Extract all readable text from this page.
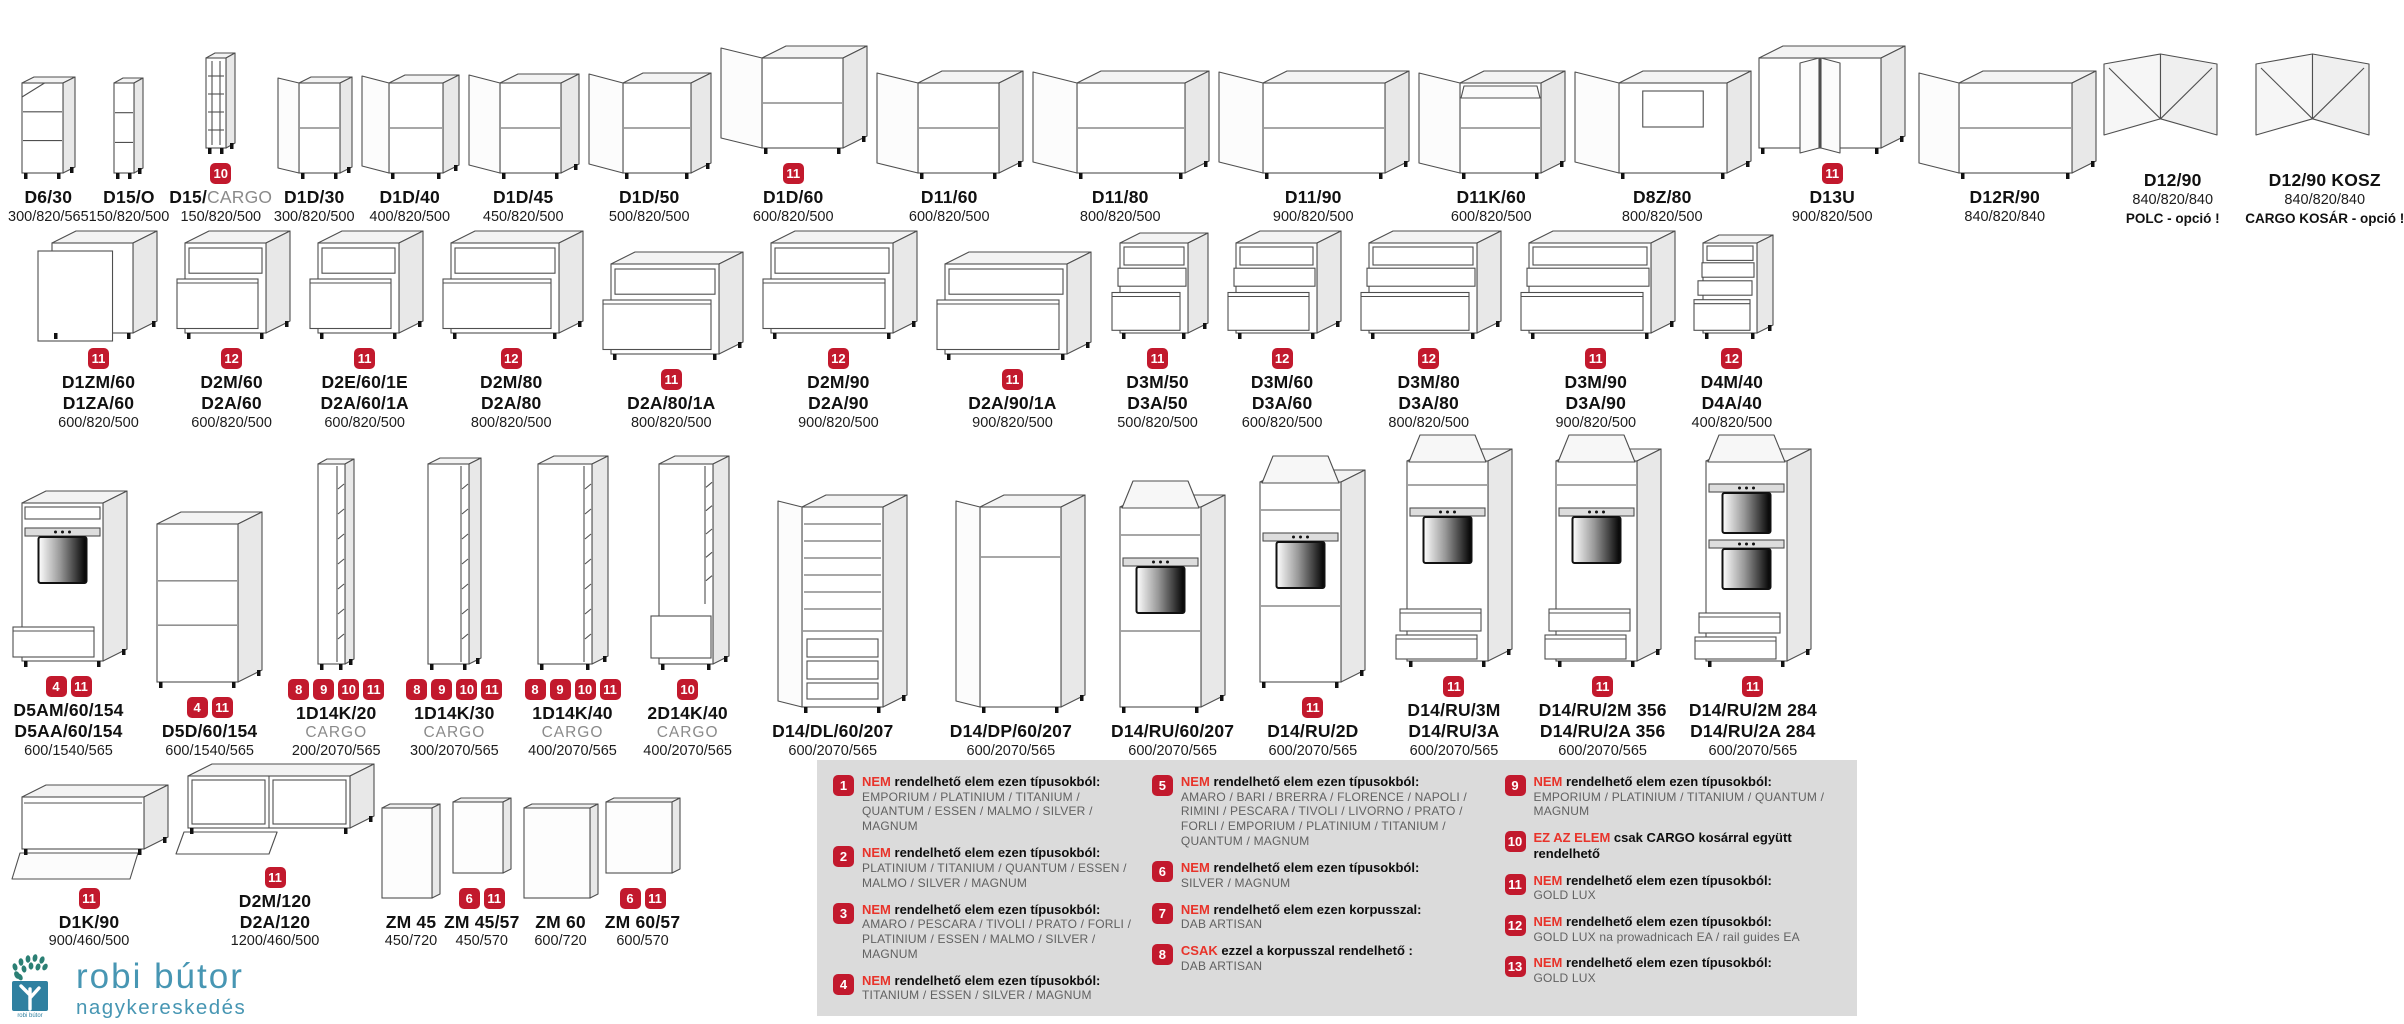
D6/30
300/820/565
D15/O
150/820/500
10
D15/CARGO
150/820/500
D1D/30
300/820/500
D1D/40
400/820/500
D1D/45
450/820/500
D1D/50
500/820/500
11
D1D/60
600/820/500
D11/60
600/820/500
D11/80
800/820/500
D11/90
900/820/500
D11K/60
600/820/500
D8Z/80
800/820/500
11
D13U
900/820/500
D12R/90
840/820/840
D12/90
840/820/840
POLC - opció !
D12/90 KOSZ
840/820/840
CARGO KOSÁR - opció !
11
D1ZM/60
D1ZA/60
600/820/500
12
D2M/60
D2A/60
600/820/500
11
D2E/60/1E
D2A/60/1A
600/820/500
12
D2M/80
D2A/80
800/820/500
11
D2A/80/1A
800/820/500
12
D2M/90
D2A/90
900/820/500
11
D2A/90/1A
900/820/500
11
D3M/50
D3A/50
500/820/500
12
D3M/60
D3A/60
600/820/500
12
D3M/80
D3A/80
800/820/500
11
D3M/90
D3A/90
900/820/500
12
D4M/40
D4A/40
400/820/500
4	11
D5AM/60/154
D5AA/60/154
600/1540/565
4	11
D5D/60/154
600/1540/565
8	9	10 11
1D14K/20
CARGO
200/2070/565
8	9	10 11
1D14K/30
CARGO
300/2070/565
8	9	10 11
1D14K/40
CARGO
400/2070/565
10
2D14K/40
CARGO
400/2070/565
D14/DL/60/207
600/2070/565
D14/DP/60/207
600/2070/565
D14/RU/60/207
600/2070/565
11
D14/RU/2D
600/2070/565
11
D14/RU/3M
D14/RU/3A
600/2070/565
11
D14/RU/2M 356
D14/RU/2A 356
600/2070/565
11
D14/RU/2M 284
D14/RU/2A 284
600/2070/565
11
D1K/90
900/460/500
11
D2M/120
D2A/120
1200/460/500
ZM 45
450/720
6	11
ZM 45/57
450/570
ZM 60
600/720
6	11
ZM 60/57
600/570
robi bútor
robi bútor
nagykereskedés
1	NEM rendelhető elem ezen típusokból:
EMPORIUM / PLATINIUM / TITANIUM / QUANTUM / ESSEN / MALMO / SILVER / MAGNUM
2	NEM rendelhető elem ezen típusokból:
PLATINIUM / TITANIUM / QUANTUM / ESSEN / MALMO / SILVER / MAGNUM
3	NEM rendelhető elem ezen típusokból:
AMARO / PESCARA / TIVOLI / PRATO / FORLI / PLATINIUM / ESSEN / MALMO / SILVER / MAGNUM
4	NEM rendelhető elem ezen típusokból:
TITANIUM / ESSEN / SILVER / MAGNUM
5	NEM rendelhető elem ezen típusokból:
AMARO / BARI / BRERRA / FLORENCE / NAPOLI / RIMINI / PESCARA / TIVOLI / LIVORNO / PRATO / FORLI / EMPORIUM / PLATINIUM / TITANIUM / QUANTUM / MAGNUM
6	NEM rendelhető elem ezen típusokból:
SILVER / MAGNUM
7	NEM rendelhető elem ezen korpusszal:
DAB ARTISAN
8	CSAK ezzel a korpusszal rendelhető :
DAB ARTISAN
9	NEM rendelhető elem ezen típusokból:
EMPORIUM / PLATINIUM / TITANIUM / QUANTUM / MAGNUM
10 EZ AZ ELEM csak CARGO kosárral együtt rendelhető
11 NEM rendelhető elem ezen típusokból:
GOLD LUX
12 NEM rendelhető elem ezen típusokból:
GOLD LUX na prowadnicach EA / rail guides EA
13 NEM rendelhető elem ezen típusokból:
GOLD LUX
